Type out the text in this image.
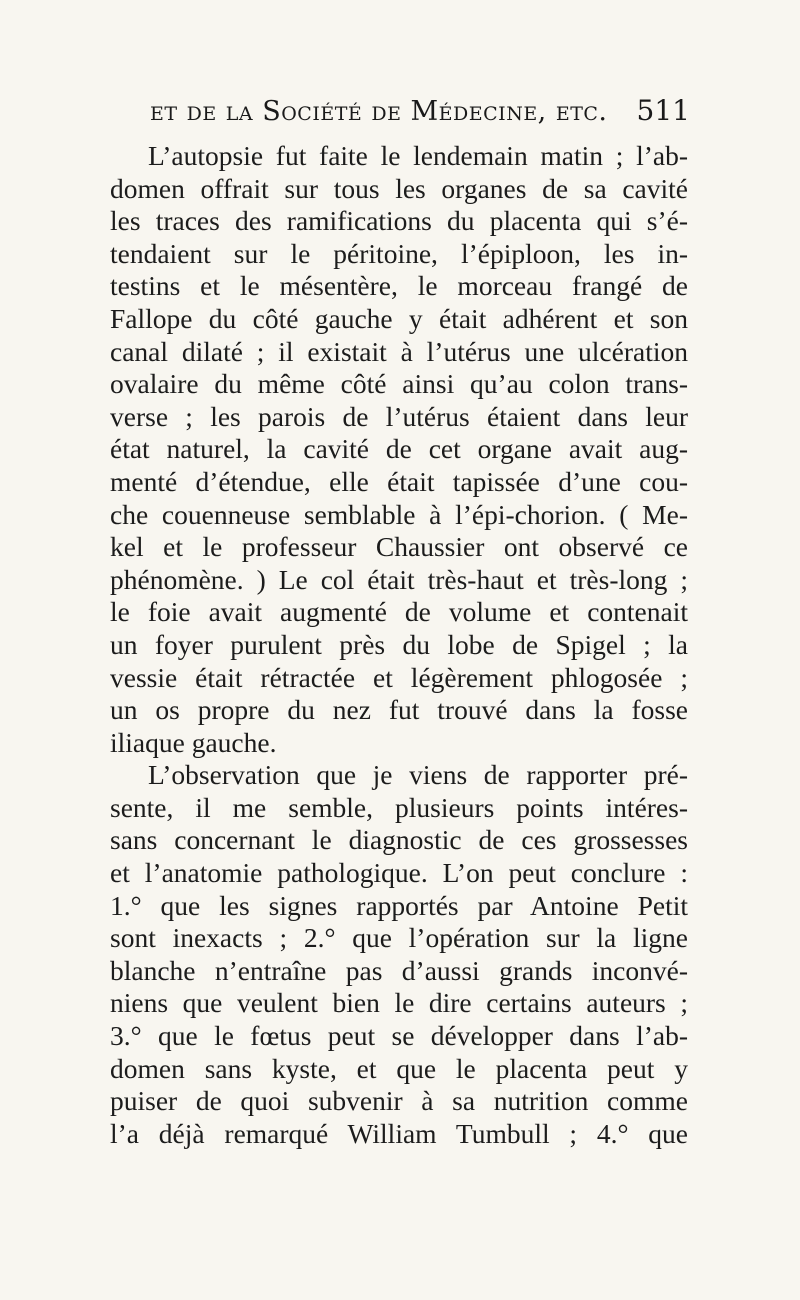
et de la Société de Médecine, etc. 511
L’autopsie fut faite le lendemain matin ; l’ab-
domen offrait sur tous les organes de sa cavité
les traces des ramifications du placenta qui s’é-
tendaient sur le péritoine, l’épiploon, les in-
testins et le mésentère, le morceau frangé de
Fallope du côté gauche y était adhérent et son
canal dilaté ; il existait à l’utérus une ulcération
ovalaire du même côté ainsi qu’au colon trans-
verse ; les parois de l’utérus étaient dans leur
état naturel, la cavité de cet organe avait aug-
menté d’étendue, elle était tapissée d’une cou-
che couenneuse semblable à l’épi-chorion. ( Me-
kel et le professeur Chaussier ont observé ce
phénomène. ) Le col était très-haut et très-long ;
le foie avait augmenté de volume et contenait
un foyer purulent près du lobe de Spigel ; la
vessie était rétractée et légèrement phlogosée ;
un os propre du nez fut trouvé dans la fosse
iliaque gauche.
L’observation que je viens de rapporter pré-
sente, il me semble, plusieurs points intéres-
sans concernant le diagnostic de ces grossesses
et l’anatomie pathologique. L’on peut conclure :
1.° que les signes rapportés par Antoine Petit
sont inexacts ; 2.° que l’opération sur la ligne
blanche n’entraîne pas d’aussi grands inconvé-
niens que veulent bien le dire certains auteurs ;
3.° que le fœtus peut se développer dans l’ab-
domen sans kyste, et que le placenta peut y
puiser de quoi subvenir à sa nutrition comme
l’a déjà remarqué William Tumbull ; 4.° que
